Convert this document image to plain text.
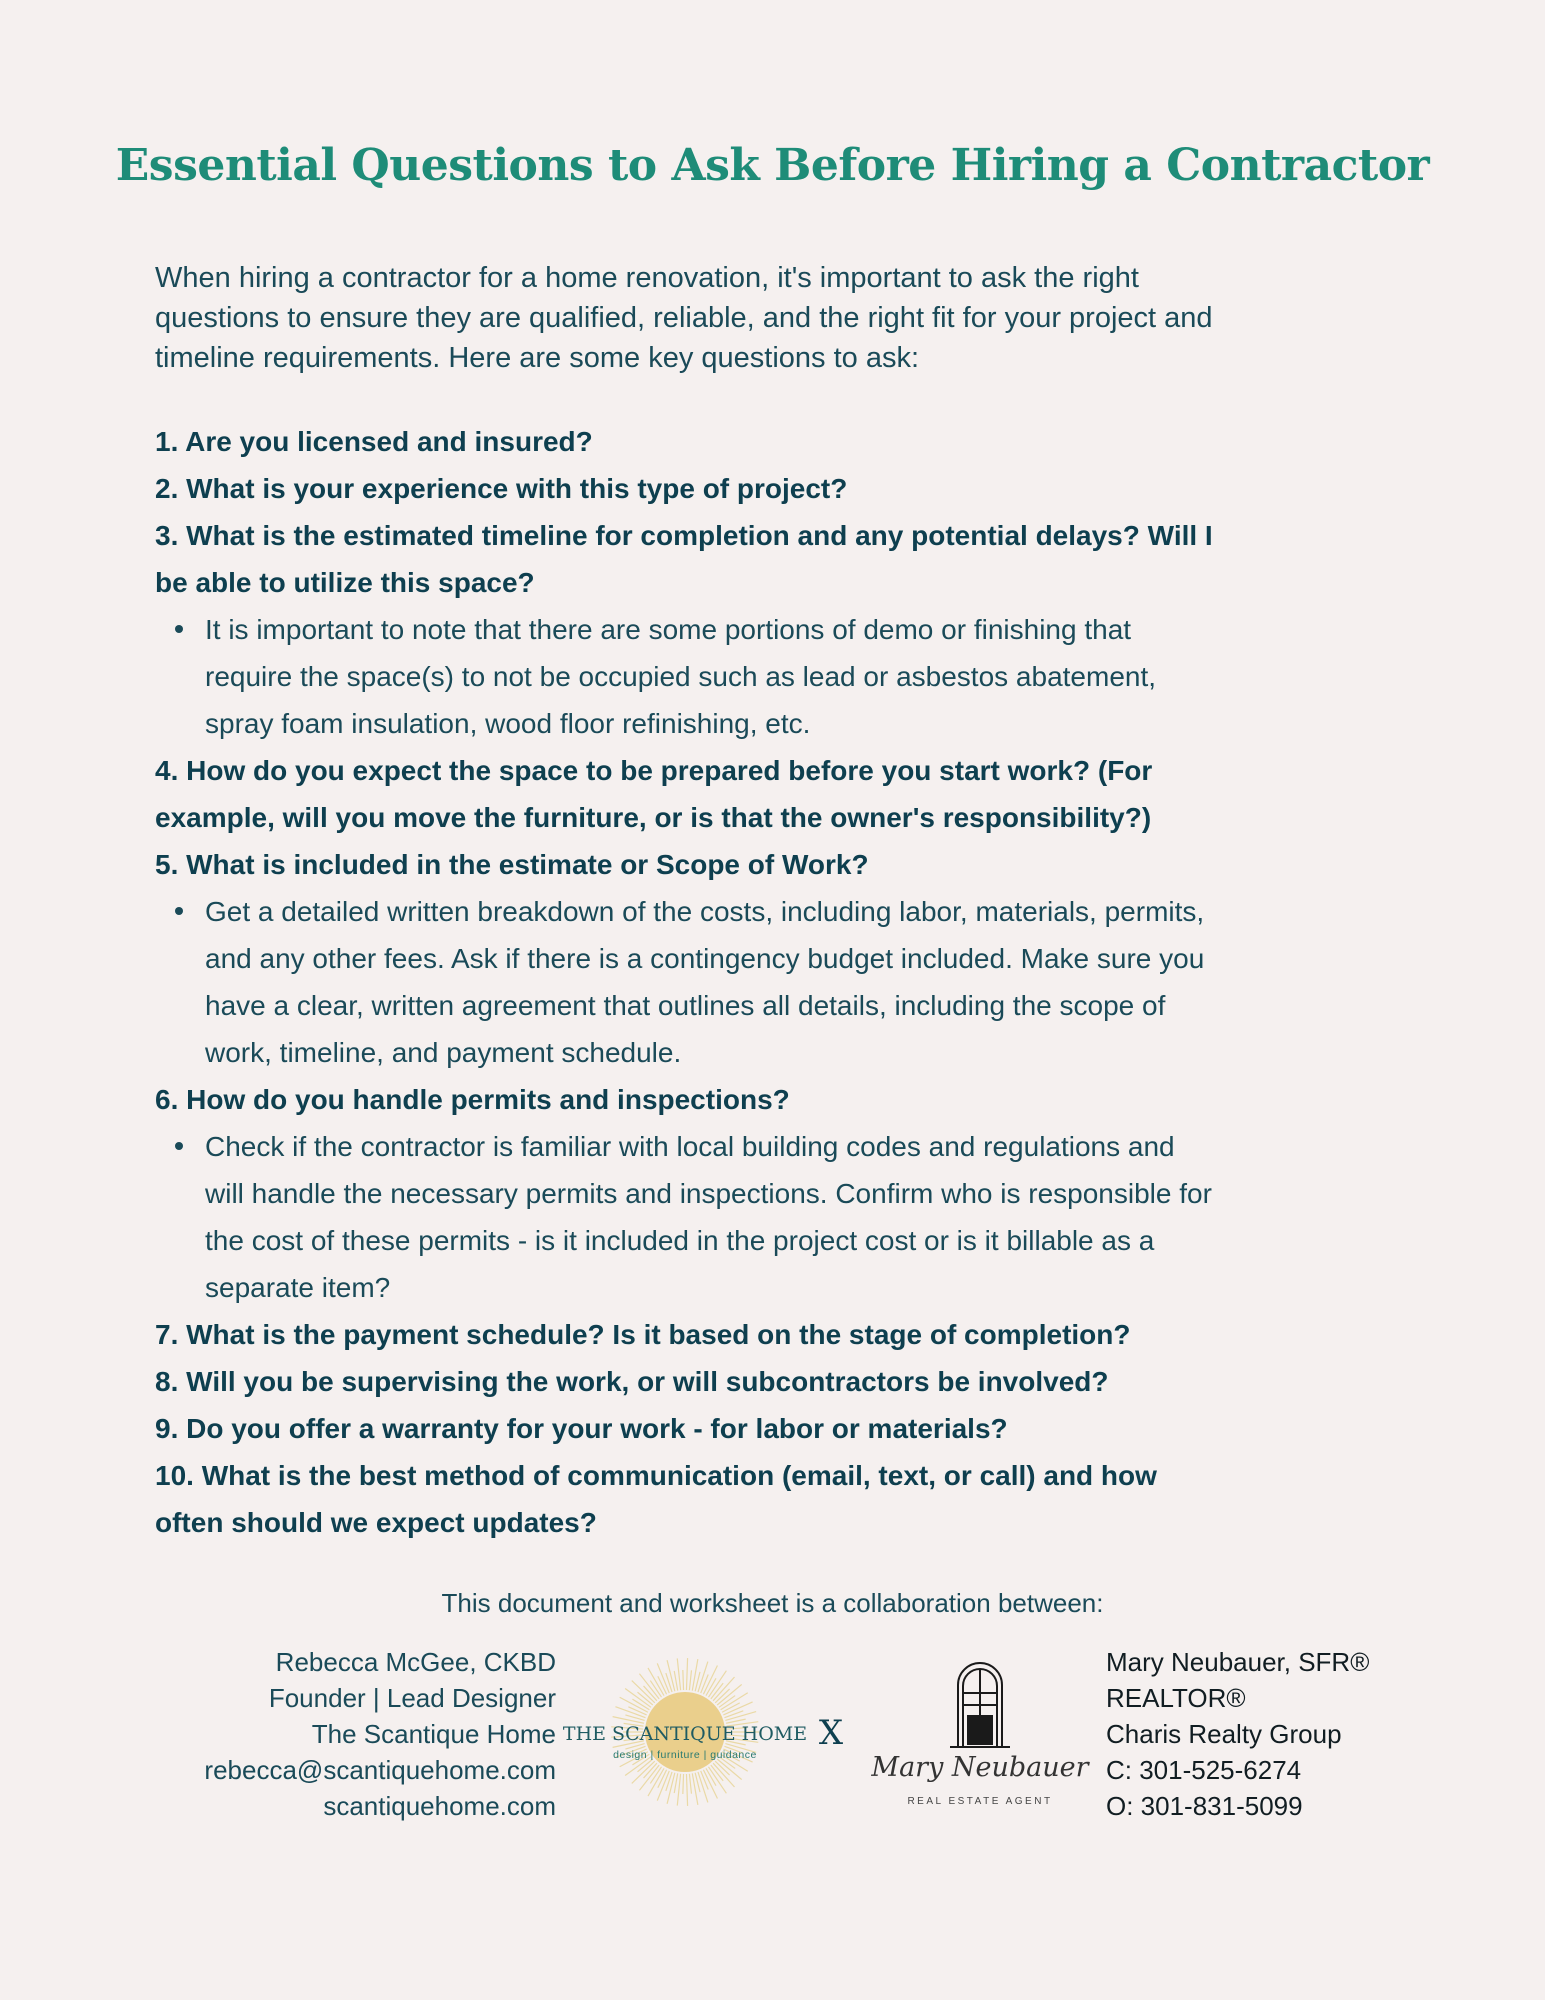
Essential Questions to Ask Before Hiring a Contractor
When hiring a contractor for a home renovation, it's important to ask the right
questions to ensure they are qualified, reliable, and the right fit for your project and
timeline requirements. Here are some key questions to ask:
1. Are you licensed and insured?
2. What is your experience with this type of project?
3. What is the estimated timeline for completion and any potential delays? Will I
be able to utilize this space?
It is important to note that there are some portions of demo or finishing that
require the space(s) to not be occupied such as lead or asbestos abatement,
spray foam insulation, wood floor refinishing, etc.
4. How do you expect the space to be prepared before you start work? (For
example, will you move the furniture, or is that the owner's responsibility?)
5. What is included in the estimate or Scope of Work?
Get a detailed written breakdown of the costs, including labor, materials, permits,
and any other fees. Ask if there is a contingency budget included. Make sure you
have a clear, written agreement that outlines all details, including the scope of
work, timeline, and payment schedule.
6. How do you handle permits and inspections?
Check if the contractor is familiar with local building codes and regulations and
will handle the necessary permits and inspections. Confirm who is responsible for
the cost of these permits - is it included in the project cost or is it billable as a
separate item?
7. What is the payment schedule? Is it based on the stage of completion?
8. Will you be supervising the work, or will subcontractors be involved?
9. Do you offer a warranty for your work - for labor or materials?
10. What is the best method of communication (email, text, or call) and how
often should we expect updates?
This document and worksheet is a collaboration between:
Rebecca McGee, CKBD
Founder | Lead Designer
The Scantique Home
rebecca@scantiquehome.com
scantiquehome.com
THE SCANTIQUE HOME
design | furniture | guidance
X
Mary Neubauer
REAL ESTATE AGENT
Mary Neubauer, SFR®
REALTOR®
Charis Realty Group
C: 301-525-6274
O: 301-831-5099
